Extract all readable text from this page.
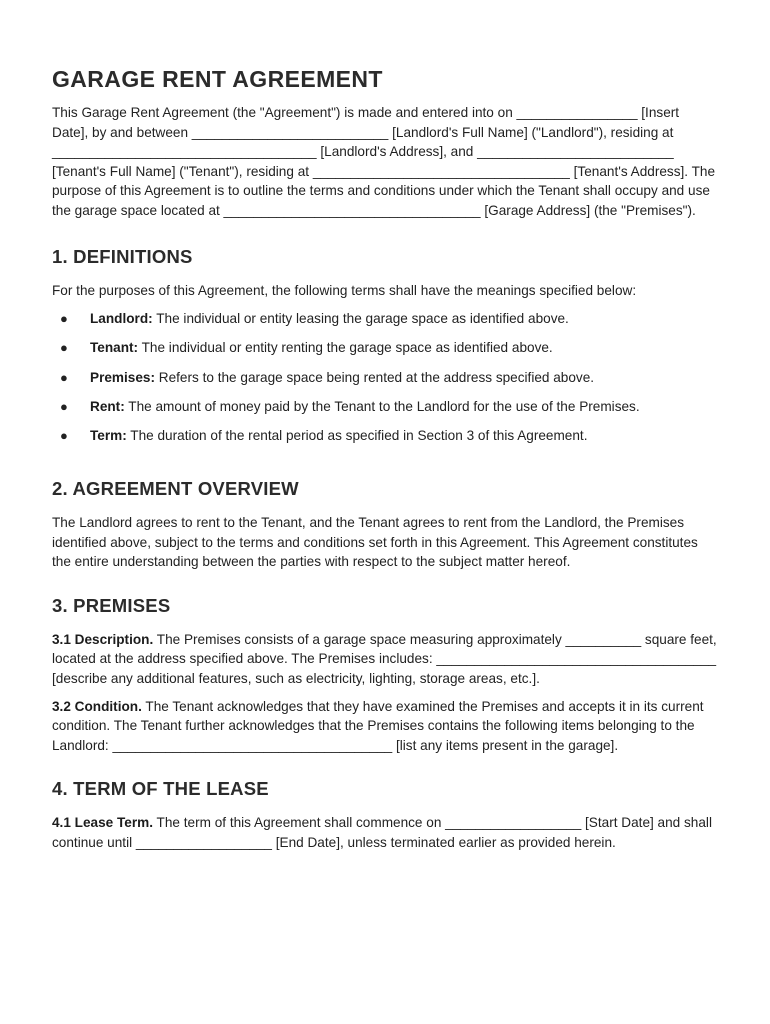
GARAGE RENT AGREEMENT

This Garage Rent Agreement (the "Agreement") is made and entered into on ________________ [Insert Date], by and between __________________________ [Landlord's Full Name] ("Landlord"), residing at ___________________________________ [Landlord's Address], and __________________________ [Tenant's Full Name] ("Tenant"), residing at __________________________________ [Tenant's Address]. The purpose of this Agreement is to outline the terms and conditions under which the Tenant shall occupy and use the garage space located at __________________________________ [Garage Address] (the "Premises").

1. DEFINITIONS

For the purposes of this Agreement, the following terms shall have the meanings specified below:

● Landlord: The individual or entity leasing the garage space as identified above.
● Tenant: The individual or entity renting the garage space as identified above.
● Premises: Refers to the garage space being rented at the address specified above.
● Rent: The amount of money paid by the Tenant to the Landlord for the use of the Premises.
● Term: The duration of the rental period as specified in Section 3 of this Agreement.
2. AGREEMENT OVERVIEW

The Landlord agrees to rent to the Tenant, and the Tenant agrees to rent from the Landlord, the Premises identified above, subject to the terms and conditions set forth in this Agreement. This Agreement constitutes the entire understanding between the parties with respect to the subject matter hereof.

3. PREMISES

3.1 Description. The Premises consists of a garage space measuring approximately __________ square feet, located at the address specified above. The Premises includes: _____________________________________ [describe any additional features, such as electricity, lighting, storage areas, etc.].

3.2 Condition. The Tenant acknowledges that they have examined the Premises and accepts it in its current condition. The Tenant further acknowledges that the Premises contains the following items belonging to the Landlord: _____________________________________ [list any items present in the garage].

4. TERM OF THE LEASE

4.1 Lease Term. The term of this Agreement shall commence on __________________ [Start Date] and shall continue until __________________ [End Date], unless terminated earlier as provided herein.
